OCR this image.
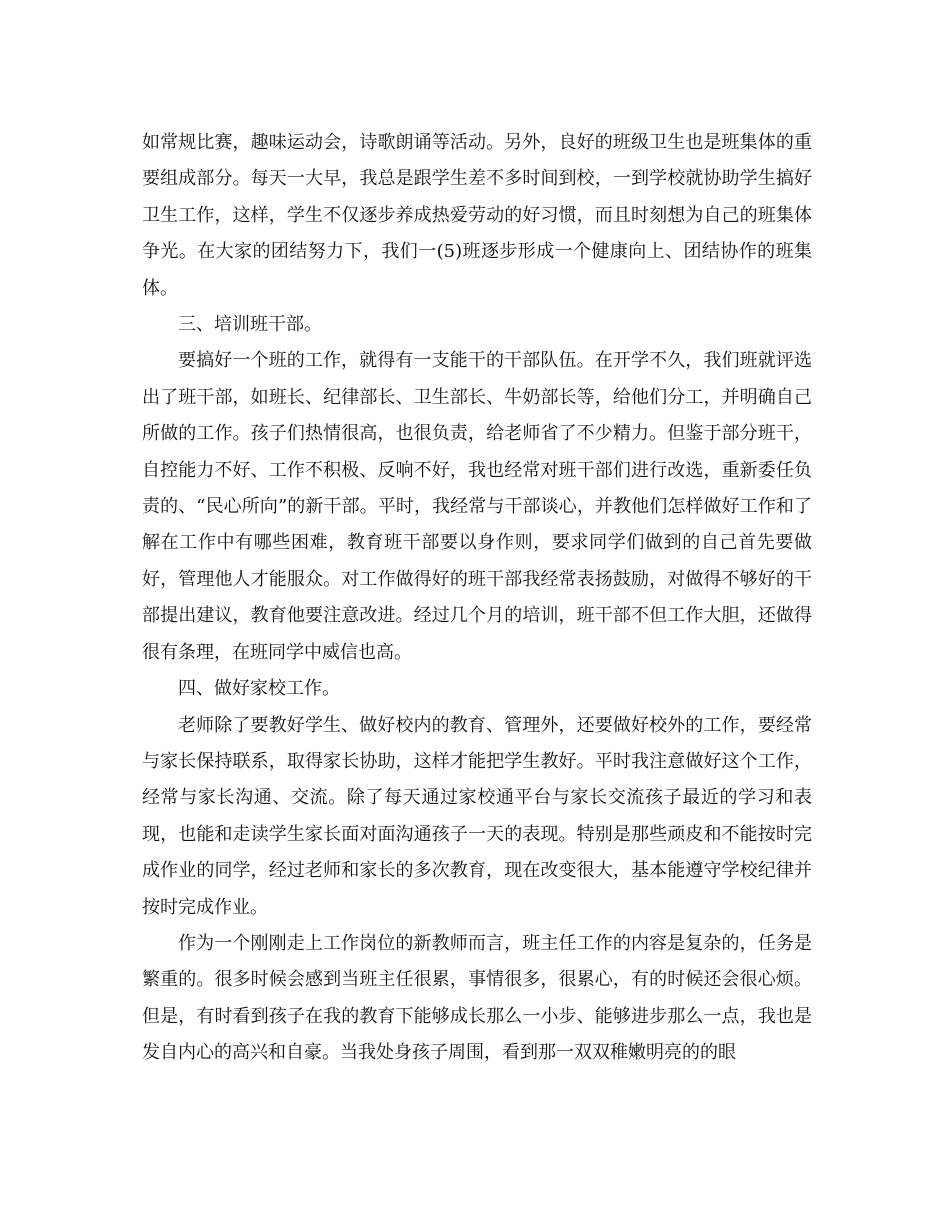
如常规比赛，趣味运动会，诗歌朗诵等活动。另外，良好的班级卫生也是班集体的重要组成部分。每天一大早，我总是跟学生差不多时间到校，一到学校就协助学生搞好卫生工作，这样，学生不仅逐步养成热爱劳动的好习惯，而且时刻想为自己的班集体争光。在大家的团结努力下，我们一(5)班逐步形成一个健康向上、团结协作的班集体。

三、培训班干部。

要搞好一个班的工作，就得有一支能干的干部队伍。在开学不久，我们班就评选出了班干部，如班长、纪律部长、卫生部长、牛奶部长等，给他们分工，并明确自己所做的工作。孩子们热情很高，也很负责，给老师省了不少精力。但鉴于部分班干，自控能力不好、工作不积极、反响不好，我也经常对班干部们进行改选，重新委任负责的、“民心所向”的新干部。平时，我经常与干部谈心，并教他们怎样做好工作和了解在工作中有哪些困难，教育班干部要以身作则，要求同学们做到的自己首先要做好，管理他人才能服众。对工作做得好的班干部我经常表扬鼓励，对做得不够好的干部提出建议，教育他要注意改进。经过几个月的培训，班干部不但工作大胆，还做得很有条理，在班同学中威信也高。

四、做好家校工作。

老师除了要教好学生、做好校内的教育、管理外，还要做好校外的工作，要经常与家长保持联系，取得家长协助，这样才能把学生教好。平时我注意做好这个工作，经常与家长沟通、交流。除了每天通过家校通平台与家长交流孩子最近的学习和表现，也能和走读学生家长面对面沟通孩子一天的表现。特别是那些顽皮和不能按时完成作业的同学，经过老师和家长的多次教育，现在改变很大，基本能遵守学校纪律并按时完成作业。

作为一个刚刚走上工作岗位的新教师而言，班主任工作的内容是复杂的，任务是繁重的。很多时候会感到当班主任很累，事情很多，很累心，有的时候还会很心烦。但是，有时看到孩子在我的教育下能够成长那么一小步、能够进步那么一点，我也是发自内心的高兴和自豪。当我处身孩子周围，看到那一双双稚嫩明亮的的眼
